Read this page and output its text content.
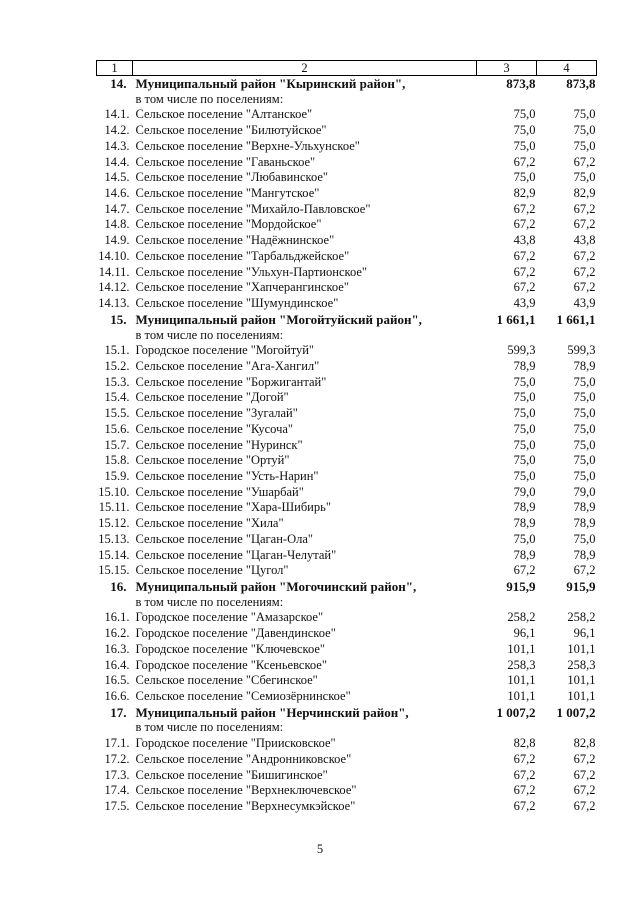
1	2	3	4
14.	Муниципальный район "Кыринский район",	873,8	873,8
	в том числе по поселениям:		
14.1.	Сельское поселение "Алтанское"	75,0	75,0
14.2.	Сельское поселение "Билютуйское"	75,0	75,0
14.3.	Сельское поселение "Верхне-Ульхунское"	75,0	75,0
14.4.	Сельское поселение "Гаваньское"	67,2	67,2
14.5.	Сельское поселение "Любавинское"	75,0	75,0
14.6.	Сельское поселение "Мангутское"	82,9	82,9
14.7.	Сельское поселение "Михайло-Павловское"	67,2	67,2
14.8.	Сельское поселение "Мордойское"	67,2	67,2
14.9.	Сельское поселение "Надёжнинское"	43,8	43,8
14.10.	Сельское поселение "Тарбальджейское"	67,2	67,2
14.11.	Сельское поселение "Ульхун-Партионское"	67,2	67,2
14.12.	Сельское поселение "Хапчерангинское"	67,2	67,2
14.13.	Сельское поселение "Шумундинское"	43,9	43,9
15.	Муниципальный район "Могойтуйский район",	1 661,1	1 661,1
	в том числе по поселениям:		
15.1.	Городское поселение "Могойтуй"	599,3	599,3
15.2.	Сельское поселение "Ага-Хангил"	78,9	78,9
15.3.	Сельское поселение "Боржигантай"	75,0	75,0
15.4.	Сельское поселение "Догой"	75,0	75,0
15.5.	Сельское поселение "Зугалай"	75,0	75,0
15.6.	Сельское поселение "Кусоча"	75,0	75,0
15.7.	Сельское поселение "Нуринск"	75,0	75,0
15.8.	Сельское поселение "Ортуй"	75,0	75,0
15.9.	Сельское поселение "Усть-Нарин"	75,0	75,0
15.10.	Сельское поселение "Ушарбай"	79,0	79,0
15.11.	Сельское поселение "Хара-Шибирь"	78,9	78,9
15.12.	Сельское поселение "Хила"	78,9	78,9
15.13.	Сельское поселение "Цаган-Ола"	75,0	75,0
15.14.	Сельское поселение "Цаган-Челутай"	78,9	78,9
15.15.	Сельское поселение "Цугол"	67,2	67,2
16.	Муниципальный район "Могочинский район",	915,9	915,9
	в том числе по поселениям:		
16.1.	Городское поселение "Амазарское"	258,2	258,2
16.2.	Городское поселение "Давендинское"	96,1	96,1
16.3.	Городское поселение "Ключевское"	101,1	101,1
16.4.	Городское поселение "Ксеньевское"	258,3	258,3
16.5.	Сельское поселение "Сбегинское"	101,1	101,1
16.6.	Сельское поселение "Семиозёрнинское"	101,1	101,1
17.	Муниципальный район "Нерчинский район",	1 007,2	1 007,2
	в том числе по поселениям:		
17.1.	Городское поселение "Приисковское"	82,8	82,8
17.2.	Сельское поселение "Андронниковское"	67,2	67,2
17.3.	Сельское поселение "Бишигинское"	67,2	67,2
17.4.	Сельское поселение "Верхнеключевское"	67,2	67,2
17.5.	Сельское поселение "Верхнесумкэйское"	67,2	67,2
5
